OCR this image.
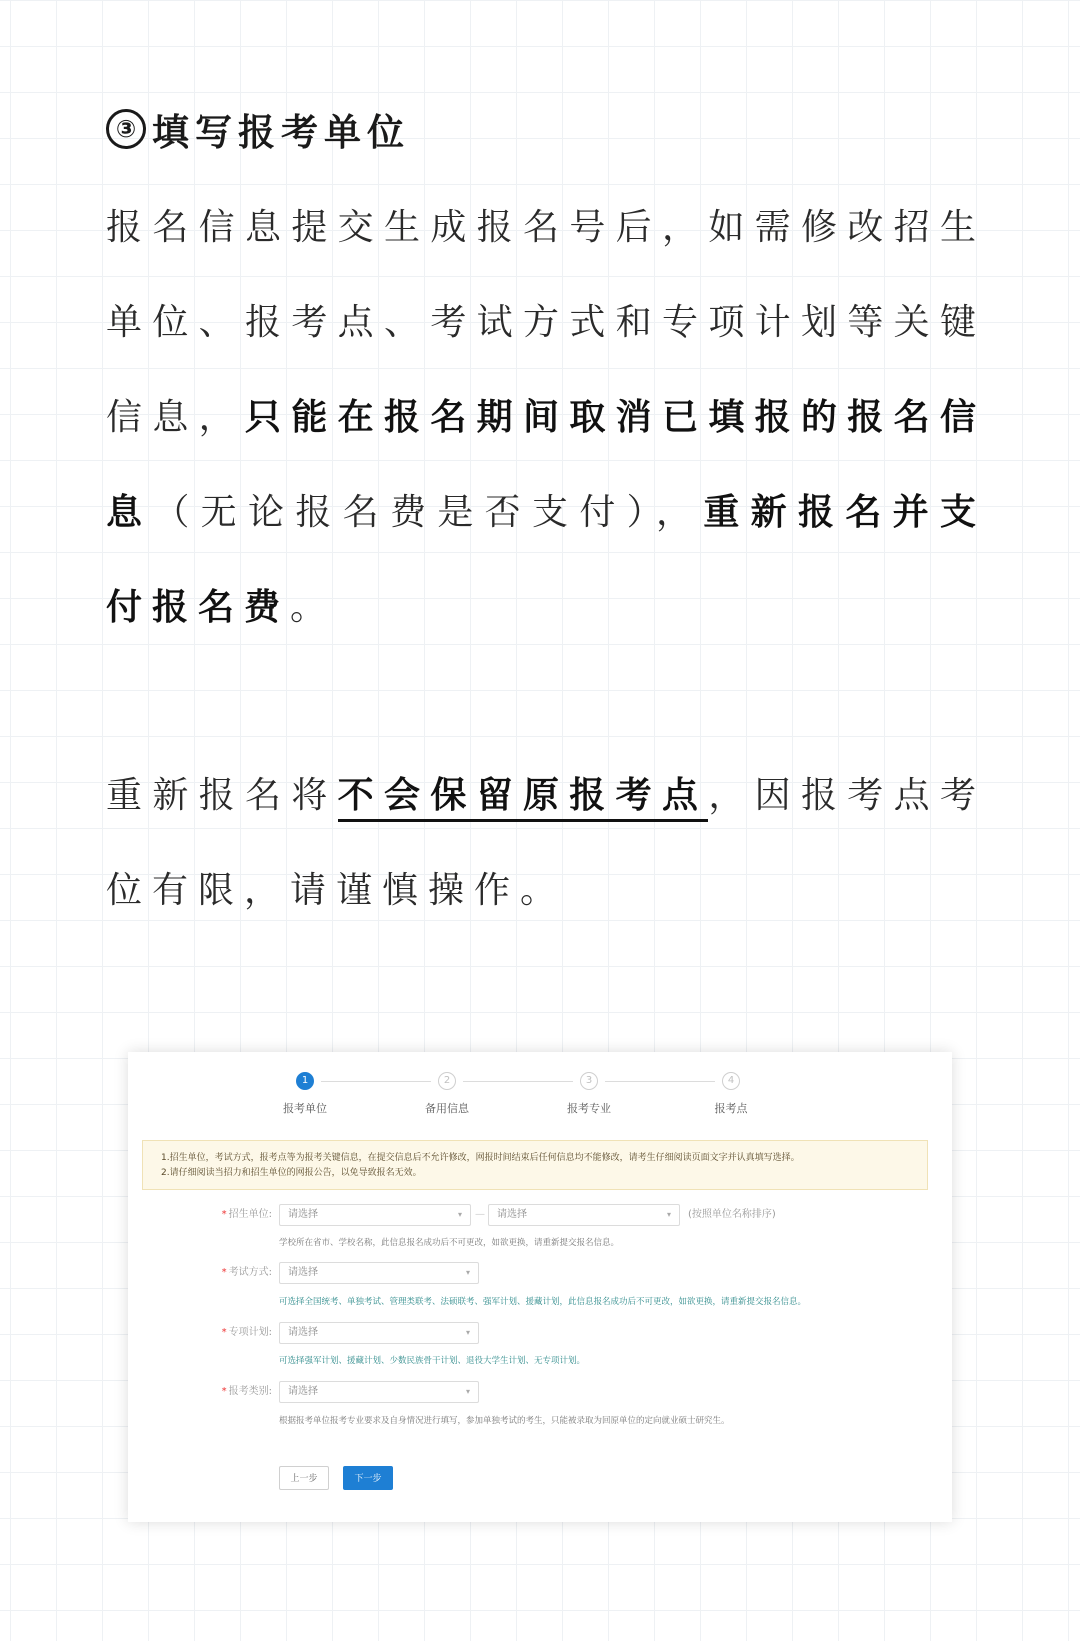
③ 填写报考单位
报名信息提交生成报名号后，如需修改招生单位、报考点、考试方式和专项计划等关键信息，只能在报名期间取消已填报的报名信息（无论报名费是否支付），重新报名并支付报名费。
重新报名将不会保留原报考点，因报考点考位有限，请谨慎操作。
1
报考单位
2
备用信息
3
报考专业
4
报考点
1.招生单位，考试方式，报考点等为报考关键信息，在提交信息后不允许修改，网报时间结束后任何信息均不能修改，请考生仔细阅读页面文字并认真填写选择。
2.请仔细阅读当招力和招生单位的网报公告，以免导致报名无效。
* 招生单位:	请选择	▾ —	请选择	▾ (按照单位名称排序)
学校所在省市、学校名称，此信息报名成功后不可更改，如欲更换，请重新提交报名信息。
* 考试方式:	请选择	▾
可选择全国统考、单独考试、管理类联考、法硕联考、强军计划、援藏计划，此信息报名成功后不可更改，如欲更换，请重新提交报名信息。
* 专项计划:	请选择	▾
可选择强军计划、援藏计划、少数民族骨干计划、退役大学生计划、无专项计划。
* 报考类别:	请选择	▾
根据报考单位报考专业要求及自身情况进行填写，参加单独考试的考生，只能被录取为回原单位的定向就业硕士研究生。
上一步	下一步
